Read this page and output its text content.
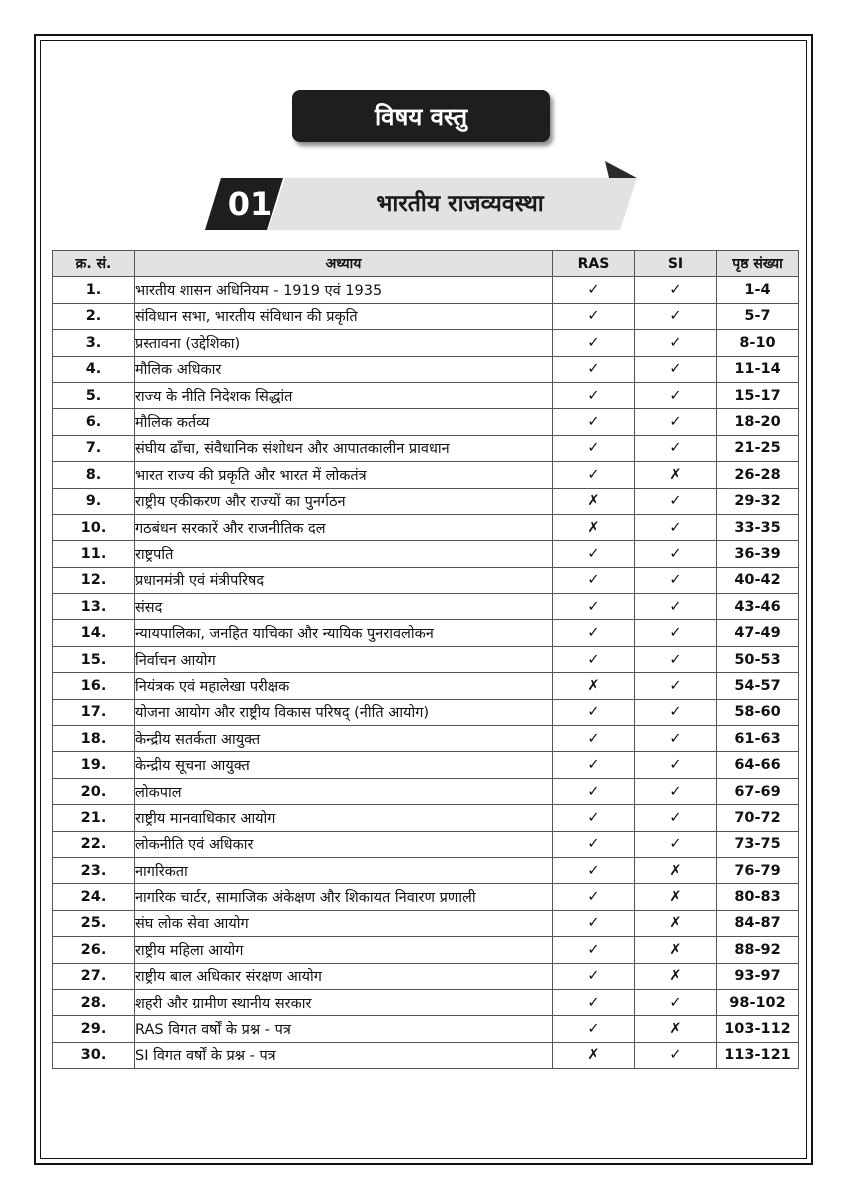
विषय वस्तु
01	भारतीय राजव्यवस्था
क्र. सं.	अध्याय	RAS	SI	पृष्ठ संख्या
1.	भारतीय शासन अधिनियम - 1919 एवं 1935	✓	✓	1-4
2.	संविधान सभा, भारतीय संविधान की प्रकृति	✓	✓	5-7
3.	प्रस्तावना (उद्देशिका)	✓	✓	8-10
4.	मौलिक अधिकार	✓	✓	11-14
5.	राज्य के नीति निदेशक सिद्धांत	✓	✓	15-17
6.	मौलिक कर्तव्य	✓	✓	18-20
7.	संघीय ढाँचा, संवैधानिक संशोधन और आपातकालीन प्रावधान	✓	✓	21-25
8.	भारत राज्य की प्रकृति और भारत में लोकतंत्र	✓	✗	26-28
9.	राष्ट्रीय एकीकरण और राज्यों का पुनर्गठन	✗	✓	29-32
10.	गठबंधन सरकारें और राजनीतिक दल	✗	✓	33-35
11.	राष्ट्रपति	✓	✓	36-39
12.	प्रधानमंत्री एवं मंत्रीपरिषद	✓	✓	40-42
13.	संसद	✓	✓	43-46
14.	न्यायपालिका, जनहित याचिका और न्यायिक पुनरावलोकन	✓	✓	47-49
15.	निर्वाचन आयोग	✓	✓	50-53
16.	नियंत्रक एवं महालेखा परीक्षक	✗	✓	54-57
17.	योजना आयोग और राष्ट्रीय विकास परिषद् (नीति आयोग)	✓	✓	58-60
18.	केन्द्रीय सतर्कता आयुक्त	✓	✓	61-63
19.	केन्द्रीय सूचना आयुक्त	✓	✓	64-66
20.	लोकपाल	✓	✓	67-69
21.	राष्ट्रीय मानवाधिकार आयोग	✓	✓	70-72
22.	लोकनीति एवं अधिकार	✓	✓	73-75
23.	नागरिकता	✓	✗	76-79
24.	नागरिक चार्टर, सामाजिक अंकेक्षण और शिकायत निवारण प्रणाली	✓	✗	80-83
25.	संघ लोक सेवा आयोग	✓	✗	84-87
26.	राष्ट्रीय महिला आयोग	✓	✗	88-92
27.	राष्ट्रीय बाल अधिकार संरक्षण आयोग	✓	✗	93-97
28.	शहरी और ग्रामीण स्थानीय सरकार	✓	✓	98-102
29.	RAS विगत वर्षों के प्रश्न - पत्र	✓	✗	103-112
30.	SI विगत वर्षों के प्रश्न - पत्र	✗	✓	113-121
